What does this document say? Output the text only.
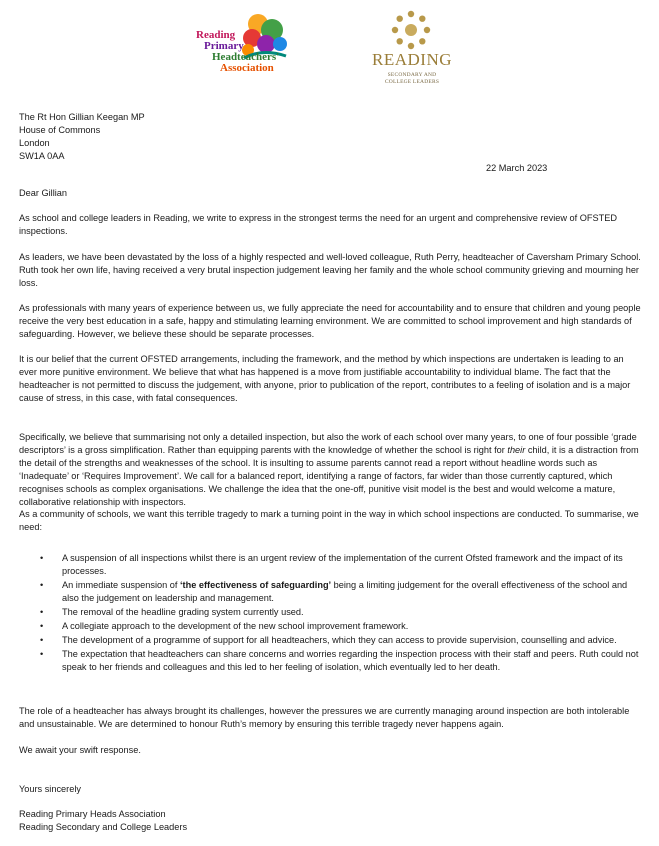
Reading
Primary
Headteachers'
Association	READING
SECONDARY AND
COLLEGE LEADERS
The Rt Hon Gillian Keegan MP
House of Commons
London
SW1A 0AA
22 March 2023
Dear Gillian
As school and college leaders in Reading, we write to express in the strongest terms the need for an urgent and comprehensive review of OFSTED inspections.
As leaders, we have been devastated by the loss of a highly respected and well-loved colleague, Ruth Perry, headteacher of Caversham Primary School. Ruth took her own life, having received a very brutal inspection judgement leaving her family and the whole school community grieving and mourning her loss.
As professionals with many years of experience between us, we fully appreciate the need for accountability and to ensure that children and young people receive the very best education in a safe, happy and stimulating learning environment. We are committed to school improvement and high standards of safeguarding. However, we believe these should be separate processes.
It is our belief that the current OFSTED arrangements, including the framework, and the method by which inspections are undertaken is leading to an ever more punitive environment. We believe that what has happened is a move from justifiable accountability to individual blame. The fact that the headteacher is not permitted to discuss the judgement, with anyone, prior to publication of the report, contributes to a feeling of isolation and is a major cause of stress, in this case, with fatal consequences.
Specifically, we believe that summarising not only a detailed inspection, but also the work of each school over many years, to one of four possible ‘grade descriptors’ is a gross simplification. Rather than equipping parents with the knowledge of whether the school is right for their child, it is a distraction from the detail of the strengths and weaknesses of the school. It is insulting to assume parents cannot read a report without headline words such as ‘Inadequate’ or ‘Requires Improvement’. We call for a balanced report, identifying a range of factors, far wider than those currently captured, which recognises schools as complex organisations. We challenge the idea that the one-off, punitive visit model is the best and would welcome a mature, collaborative relationship with inspectors.
As a community of schools, we want this terrible tragedy to mark a turning point in the way in which school inspections are conducted. To summarise, we need:
• A suspension of all inspections whilst there is an urgent review of the implementation of the current Ofsted framework and the impact of its processes.
• An immediate suspension of ‘the effectiveness of safeguarding’ being a limiting judgement for the overall effectiveness of the school and also the judgement on leadership and management.
• The removal of the headline grading system currently used.
• A collegiate approach to the development of the new school improvement framework.
• The development of a programme of support for all headteachers, which they can access to provide supervision, counselling and advice.
• The expectation that headteachers can share concerns and worries regarding the inspection process with their staff and peers. Ruth could not speak to her friends and colleagues and this led to her feeling of isolation, which eventually led to her death.
The role of a headteacher has always brought its challenges, however the pressures we are currently managing around inspection are both intolerable and unsustainable. We are determined to honour Ruth’s memory by ensuring this terrible tragedy never happens again.
We await your swift response.
Yours sincerely
Reading Primary Heads Association
Reading Secondary and College Leaders
